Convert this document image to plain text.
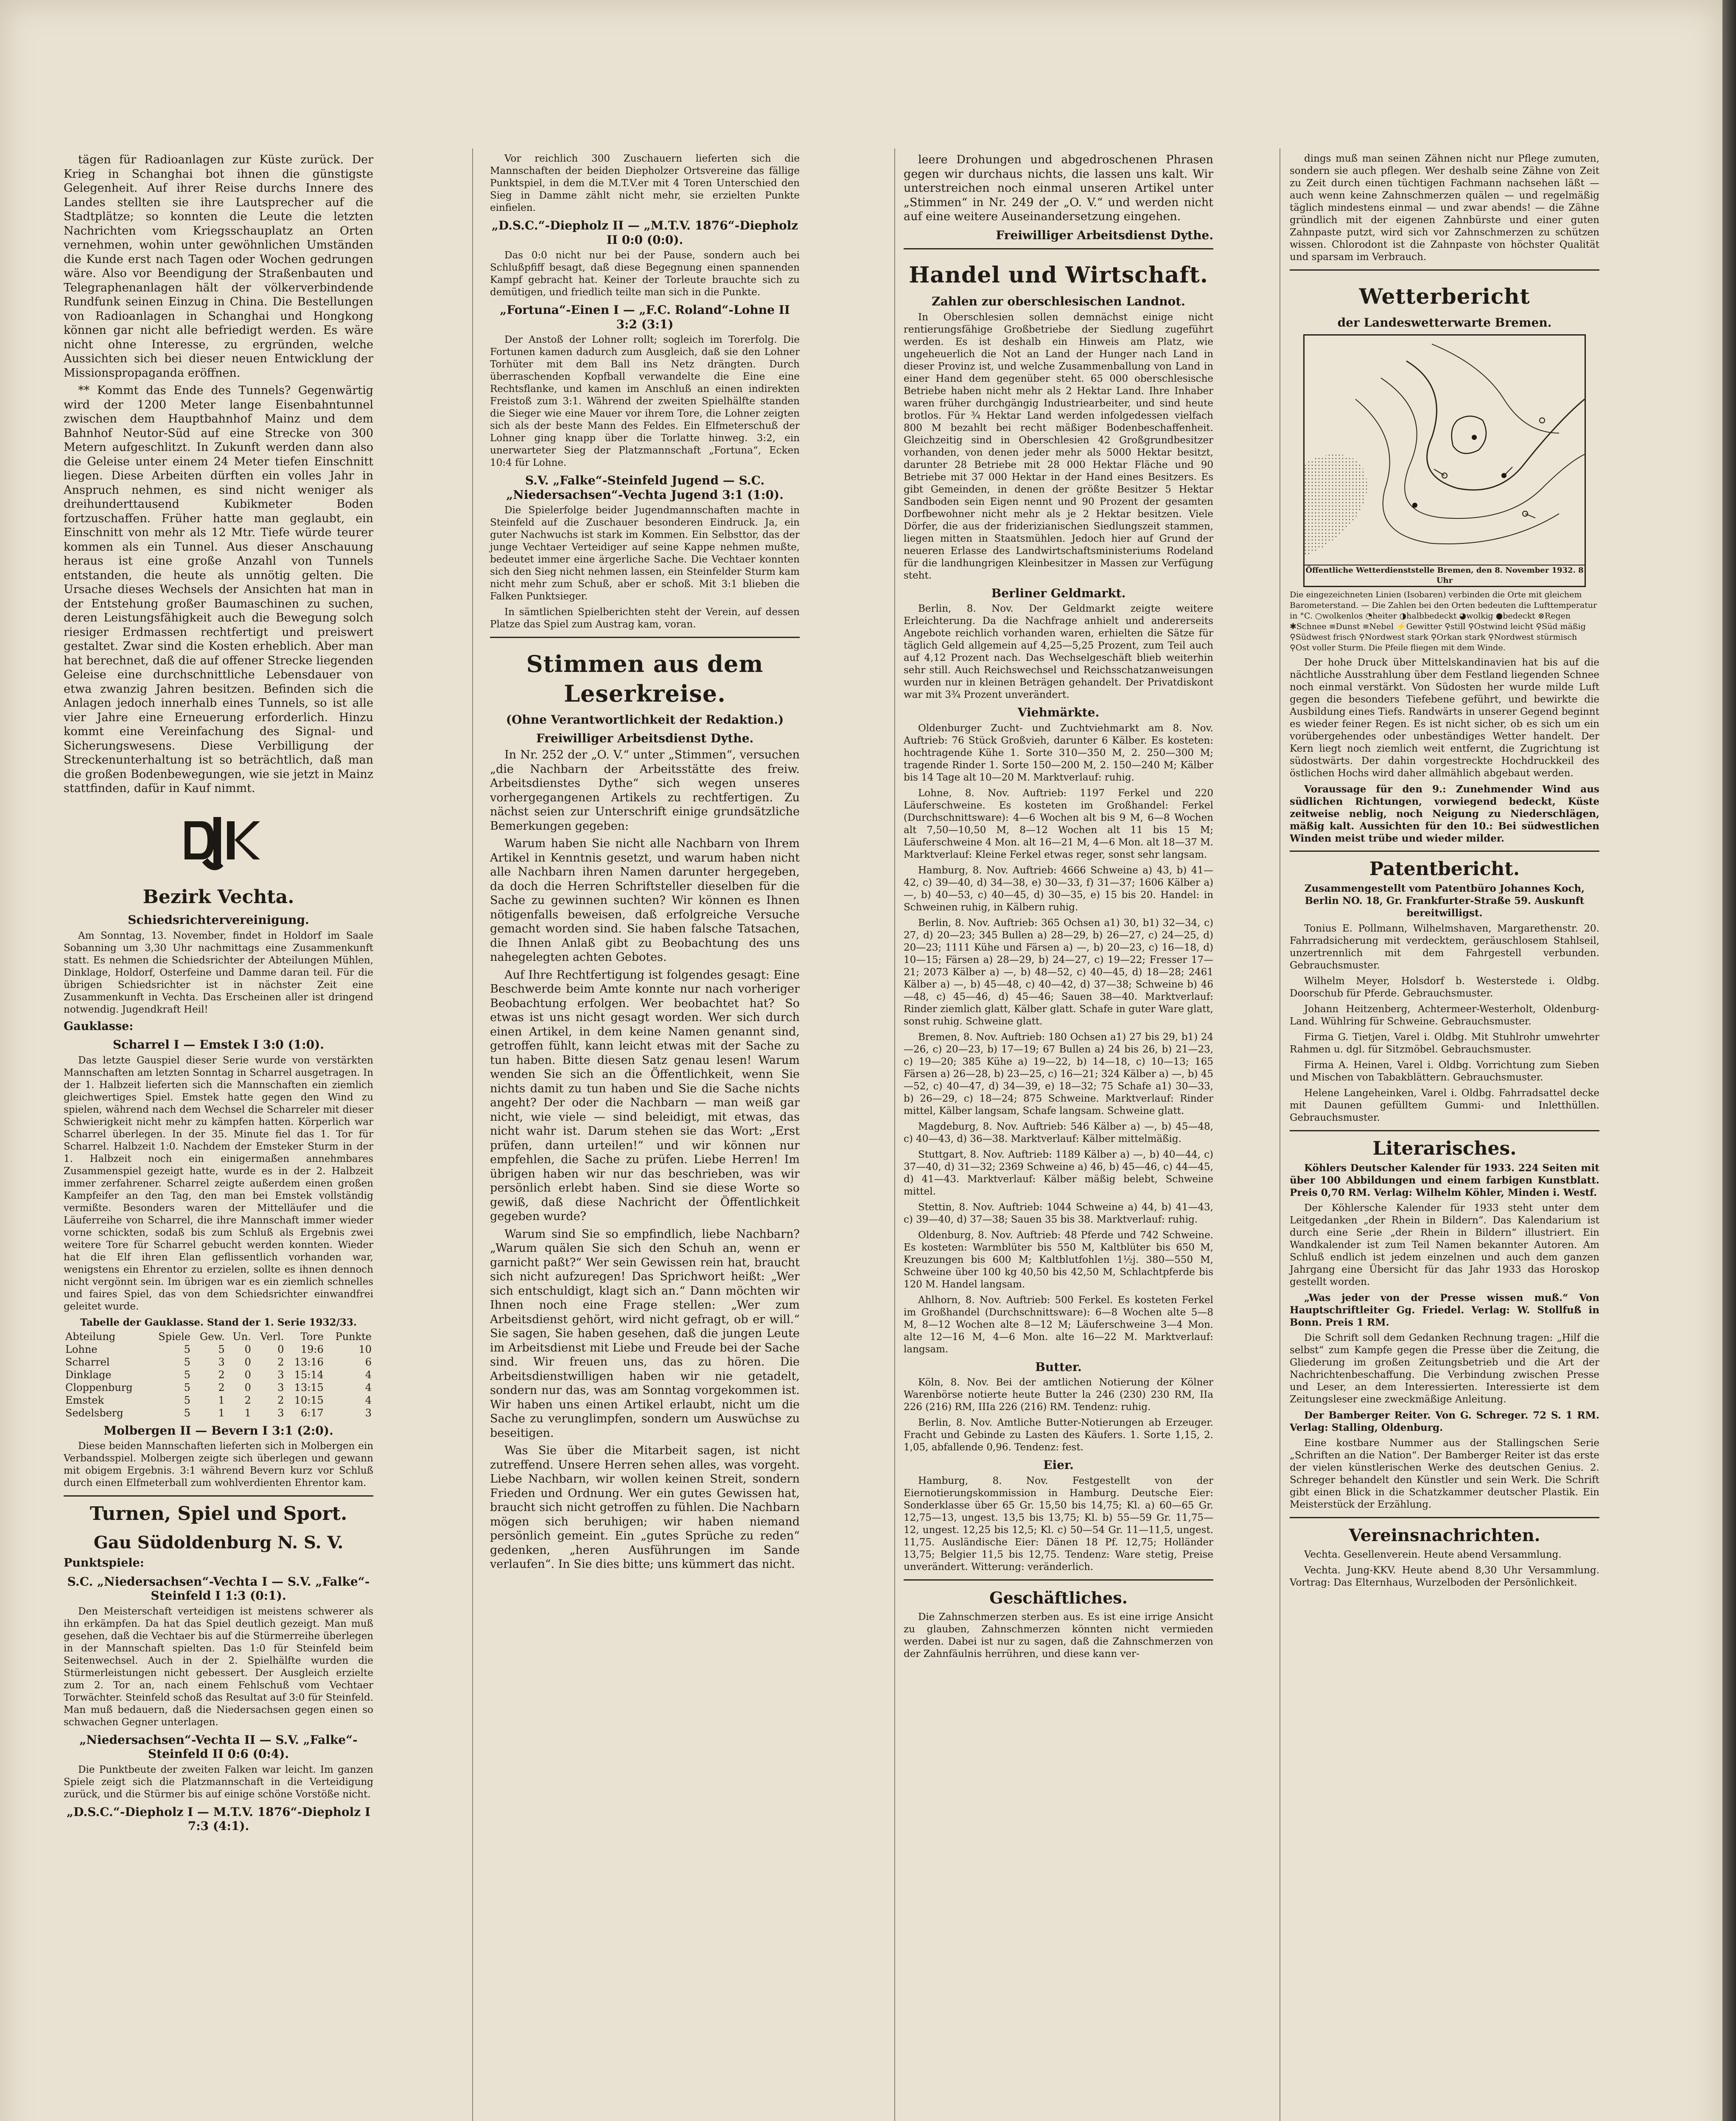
tägen für Radioanlagen zur Küste zurück. Der Krieg in Schanghai bot ihnen die günstigste Gelegenheit. Auf ihrer Reise durchs Innere des Landes stellten sie ihre Lautsprecher auf die Stadtplätze; so konnten die Leute die letzten Nachrichten vom Kriegsschauplatz an Orten vernehmen, wohin unter gewöhnlichen Umständen die Kunde erst nach Tagen oder Wochen gedrungen wäre. Also vor Beendigung der Straßenbauten und Telegraphenanlagen hält der völkerverbindende Rundfunk seinen Einzug in China. Die Bestellungen von Radioanlagen in Schanghai und Hongkong können gar nicht alle befriedigt werden. Es wäre nicht ohne Interesse, zu ergründen, welche Aussichten sich bei dieser neuen Entwicklung der Missionspropaganda eröffnen.

** Kommt das Ende des Tunnels? Gegenwärtig wird der 1200 Meter lange Eisenbahntunnel zwischen dem Hauptbahnhof Mainz und dem Bahnhof Neutor-Süd auf eine Strecke von 300 Metern aufgeschlitzt. In Zukunft werden dann also die Geleise unter einem 24 Meter tiefen Einschnitt liegen. Diese Arbeiten dürften ein volles Jahr in Anspruch nehmen, es sind nicht weniger als dreihunderttausend Kubikmeter Boden fortzuschaffen. Früher hatte man geglaubt, ein Einschnitt von mehr als 12 Mtr. Tiefe würde teurer kommen als ein Tunnel. Aus dieser Anschauung heraus ist eine große Anzahl von Tunnels entstanden, die heute als unnötig gelten. Die Ursache dieses Wechsels der Ansichten hat man in der Entstehung großer Baumaschinen zu suchen, deren Leistungsfähigkeit auch die Bewegung solch riesiger Erdmassen rechtfertigt und preiswert gestaltet. Zwar sind die Kosten erheblich. Aber man hat berechnet, daß die auf offener Strecke liegenden Geleise eine durchschnittliche Lebensdauer von etwa zwanzig Jahren besitzen. Befinden sich die Anlagen jedoch innerhalb eines Tunnels, so ist alle vier Jahre eine Erneuerung erforderlich. Hinzu kommt eine Vereinfachung des Signal- und Sicherungswesens. Diese Verbilligung der Streckenunterhaltung ist so beträchtlich, daß man die großen Bodenbewegungen, wie sie jetzt in Mainz stattfinden, dafür in Kauf nimmt.

Bezirk Vechta.
Schiedsrichtervereinigung.

Am Sonntag, 13. November, findet in Holdorf im Saale Sobanning um 3,30 Uhr nachmittags eine Zusammenkunft statt. Es nehmen die Schiedsrichter der Abteilungen Mühlen, Dinklage, Holdorf, Osterfeine und Damme daran teil. Für die übrigen Schiedsrichter ist in nächster Zeit eine Zusammenkunft in Vechta. Das Erscheinen aller ist dringend notwendig. Jugendkraft Heil!

Gauklasse:
Scharrel I — Emstek I 3:0 (1:0).

Das letzte Gauspiel dieser Serie wurde von verstärkten Mannschaften am letzten Sonntag in Scharrel ausgetragen. In der 1. Halbzeit lieferten sich die Mannschaften ein ziemlich gleichwertiges Spiel. Emstek hatte gegen den Wind zu spielen, während nach dem Wechsel die Scharreler mit dieser Schwierigkeit nicht mehr zu kämpfen hatten. Körperlich war Scharrel überlegen. In der 35. Minute fiel das 1. Tor für Scharrel. Halbzeit 1:0. Nachdem der Emsteker Sturm in der 1. Halbzeit noch ein einigermaßen annehmbares Zusammenspiel gezeigt hatte, wurde es in der 2. Halbzeit immer zerfahrener. Scharrel zeigte außerdem einen großen Kampfeifer an den Tag, den man bei Emstek vollständig vermißte. Besonders waren der Mittelläufer und die Läuferreihe von Scharrel, die ihre Mannschaft immer wieder vorne schickten, sodaß bis zum Schluß als Ergebnis zwei weitere Tore für Scharrel gebucht werden konnten. Wieder hat die Elf ihren Elan geflissentlich vorhanden war, wenigstens ein Ehrentor zu erzielen, sollte es ihnen dennoch nicht vergönnt sein. Im übrigen war es ein ziemlich schnelles und faires Spiel, das von dem Schiedsrichter einwandfrei geleitet wurde.

Tabelle der Gauklasse. Stand der 1. Serie 1932/33.
Abteilung	Spiele	Gew.	Un.	Verl.	Tore	Punkte
Lohne	5	5	0	0	19:6	10
Scharrel	5	3	0	2	13:16	6
Dinklage	5	2	0	3	15:14	4
Cloppenburg	5	2	0	3	13:15	4
Emstek	5	1	2	2	10:15	4
Sedelsberg	5	1	1	3	6:17	3
Molbergen II — Bevern I 3:1 (2:0).

Diese beiden Mannschaften lieferten sich in Molbergen ein Verbandsspiel. Molbergen zeigte sich überlegen und gewann mit obigem Ergebnis. 3:1 während Bevern kurz vor Schluß durch einen Elfmeterball zum wohlverdienten Ehrentor kam.

Turnen, Spiel und Sport.
Gau Südoldenburg N. S. V.
Punktspiele:
S.C. „Niedersachsen“-Vechta I — S.V. „Falke“-Steinfeld I 1:3 (0:1).

Den Meisterschaft verteidigen ist meistens schwerer als ihn erkämpfen. Da hat das Spiel deutlich gezeigt. Man muß gesehen, daß die Vechtaer bis auf die Stürmerreihe überlegen in der Mannschaft spielten. Das 1:0 für Steinfeld beim Seitenwechsel. Auch in der 2. Spielhälfte wurden die Stürmerleistungen nicht gebessert. Der Ausgleich erzielte zum 2. Tor an, nach einem Fehlschuß vom Vechtaer Torwächter. Steinfeld schoß das Resultat auf 3:0 für Steinfeld. Man muß bedauern, daß die Niedersachsen gegen einen so schwachen Gegner unterlagen.

„Niedersachsen“-Vechta II — S.V. „Falke“-Steinfeld II 0:6 (0:4).

Die Punktbeute der zweiten Falken war leicht. Im ganzen Spiele zeigt sich die Platzmannschaft in die Verteidigung zurück, und die Stürmer bis auf einige schöne Vorstöße nicht.

„D.S.C.“-Diepholz I — M.T.V. 1876“-Diepholz I 7:3 (4:1).

Vor reichlich 300 Zuschauern lieferten sich die Mannschaften der beiden Diepholzer Ortsvereine das fällige Punktspiel, in dem die M.T.V.er mit 4 Toren Unterschied den Sieg in Damme zählt nicht mehr, sie erzielten Punkte einfielen.

„D.S.C.“-Diepholz II — „M.T.V. 1876“-Diepholz II 0:0 (0:0).

Das 0:0 nicht nur bei der Pause, sondern auch bei Schlußpfiff besagt, daß diese Begegnung einen spannenden Kampf gebracht hat. Keiner der Torleute brauchte sich zu demütigen, und friedlich teilte man sich in die Punkte.

„Fortuna“-Einen I — „F.C. Roland“-Lohne II 3:2 (3:1)

Der Anstoß der Lohner rollt; sogleich im Torerfolg. Die Fortunen kamen dadurch zum Ausgleich, daß sie den Lohner Torhüter mit dem Ball ins Netz drängten. Durch überraschenden Kopfball verwandelte die Eine eine Rechtsflanke, und kamen im Anschluß an einen indirekten Freistoß zum 3:1. Während der zweiten Spielhälfte standen die Sieger wie eine Mauer vor ihrem Tore, die Lohner zeigten sich als der beste Mann des Feldes. Ein Elfmeterschuß der Lohner ging knapp über die Torlatte hinweg. 3:2, ein unerwarteter Sieg der Platzmannschaft „Fortuna“, Ecken 10:4 für Lohne.

S.V. „Falke“-Steinfeld Jugend — S.C. „Niedersachsen“-Vechta Jugend 3:1 (1:0).

Die Spielerfolge beider Jugendmannschaften machte in Steinfeld auf die Zuschauer besonderen Eindruck. Ja, ein guter Nachwuchs ist stark im Kommen. Ein Selbsttor, das der junge Vechtaer Verteidiger auf seine Kappe nehmen mußte, bedeutet immer eine ärgerliche Sache. Die Vechtaer konnten sich den Sieg nicht nehmen lassen, ein Steinfelder Sturm kam nicht mehr zum Schuß, aber er schoß. Mit 3:1 blieben die Falken Punktsieger.

In sämtlichen Spielberichten steht der Verein, auf dessen Platze das Spiel zum Austrag kam, voran.

Stimmen aus dem Leserkreise.
(Ohne Verantwortlichkeit der Redaktion.)
Freiwilliger Arbeitsdienst Dythe.

In Nr. 252 der „O. V.“ unter „Stimmen“, versuchen „die Nachbarn der Arbeitsstätte des freiw. Arbeitsdienstes Dythe“ sich wegen unseres vorhergegangenen Artikels zu rechtfertigen. Zu nächst seien zur Unterschrift einige grundsätzliche Bemerkungen gegeben:

Warum haben Sie nicht alle Nachbarn von Ihrem Artikel in Kenntnis gesetzt, und warum haben nicht alle Nachbarn ihren Namen darunter hergegeben, da doch die Herren Schriftsteller dieselben für die Sache zu gewinnen suchten? Wir können es Ihnen nötigenfalls beweisen, daß erfolgreiche Versuche gemacht worden sind. Sie haben falsche Tatsachen, die Ihnen Anlaß gibt zu Beobachtung des uns nahegelegten achten Gebotes.

Auf Ihre Rechtfertigung ist folgendes gesagt: Eine Beschwerde beim Amte konnte nur nach vorheriger Beobachtung erfolgen. Wer beobachtet hat? So etwas ist uns nicht gesagt worden. Wer sich durch einen Artikel, in dem keine Namen genannt sind, getroffen fühlt, kann leicht etwas mit der Sache zu tun haben. Bitte diesen Satz genau lesen! Warum wenden Sie sich an die Öffentlichkeit, wenn Sie nichts damit zu tun haben und Sie die Sache nichts angeht? Der oder die Nachbarn — man weiß gar nicht, wie viele — sind beleidigt, mit etwas, das nicht wahr ist. Darum stehen sie das Wort: „Erst prüfen, dann urteilen!“ und wir können nur empfehlen, die Sache zu prüfen. Liebe Herren! Im übrigen haben wir nur das beschrieben, was wir persönlich erlebt haben. Sind sie diese Worte so gewiß, daß diese Nachricht der Öffentlichkeit gegeben wurde?

Warum sind Sie so empfindlich, liebe Nachbarn? „Warum quälen Sie sich den Schuh an, wenn er garnicht paßt?“ Wer sein Gewissen rein hat, braucht sich nicht aufzuregen! Das Sprichwort heißt: „Wer sich entschuldigt, klagt sich an.“ Dann möchten wir Ihnen noch eine Frage stellen: „Wer zum Arbeitsdienst gehört, wird nicht gefragt, ob er will.“ Sie sagen, Sie haben gesehen, daß die jungen Leute im Arbeitsdienst mit Liebe und Freude bei der Sache sind. Wir freuen uns, das zu hören. Die Arbeitsdienstwilligen haben wir nie getadelt, sondern nur das, was am Sonntag vorgekommen ist. Wir haben uns einen Artikel erlaubt, nicht um die Sache zu verunglimpfen, sondern um Auswüchse zu beseitigen.

Was Sie über die Mitarbeit sagen, ist nicht zutreffend. Unsere Herren sehen alles, was vorgeht. Liebe Nachbarn, wir wollen keinen Streit, sondern Frieden und Ordnung. Wer ein gutes Gewissen hat, braucht sich nicht getroffen zu fühlen. Die Nachbarn mögen sich beruhigen; wir haben niemand persönlich gemeint. Ein „gutes Sprüche zu reden“ gedenken, „heren Ausführungen im Sande verlaufen“. In Sie dies bitte; uns kümmert das nicht.

leere Drohungen und abgedroschenen Phrasen gegen wir durchaus nichts, die lassen uns kalt. Wir unterstreichen noch einmal unseren Artikel unter „Stimmen“ in Nr. 249 der „O. V.“ und werden nicht auf eine weitere Auseinandersetzung eingehen.

Freiwilliger Arbeitsdienst Dythe.
Handel und Wirtschaft.
Zahlen zur oberschlesischen Landnot.

In Oberschlesien sollen demnächst einige nicht rentierungsfähige Großbetriebe der Siedlung zugeführt werden. Es ist deshalb ein Hinweis am Platz, wie ungeheuerlich die Not an Land der Hunger nach Land in dieser Provinz ist, und welche Zusammenballung von Land in einer Hand dem gegenüber steht. 65 000 oberschlesische Betriebe haben nicht mehr als 2 Hektar Land. Ihre Inhaber waren früher durchgängig Industriearbeiter, und sind heute brotlos. Für ¾ Hektar Land werden infolgedessen vielfach 800 M bezahlt bei recht mäßiger Bodenbeschaffenheit. Gleichzeitig sind in Oberschlesien 42 Großgrundbesitzer vorhanden, von denen jeder mehr als 5000 Hektar besitzt, darunter 28 Betriebe mit 28 000 Hektar Fläche und 90 Betriebe mit 37 000 Hektar in der Hand eines Besitzers. Es gibt Gemeinden, in denen der größte Besitzer 5 Hektar Sandboden sein Eigen nennt und 90 Prozent der gesamten Dorfbewohner nicht mehr als je 2 Hektar besitzen. Viele Dörfer, die aus der friderizianischen Siedlungszeit stammen, liegen mitten in Staatsmühlen. Jedoch hier auf Grund der neueren Erlasse des Landwirtschaftsministeriums Rodeland für die landhungrigen Kleinbesitzer in Massen zur Verfügung steht.

Berliner Geldmarkt.

Berlin, 8. Nov. Der Geldmarkt zeigte weitere Erleichterung. Da die Nachfrage anhielt und andererseits Angebote reichlich vorhanden waren, erhielten die Sätze für täglich Geld allgemein auf 4,25—5,25 Prozent, zum Teil auch auf 4,12 Prozent nach. Das Wechselgeschäft blieb weiterhin sehr still. Auch Reichswechsel und Reichsschatzanweisungen wurden nur in kleinen Beträgen gehandelt. Der Privatdiskont war mit 3¾ Prozent unverändert.

Viehmärkte.

Oldenburger Zucht- und Zuchtviehmarkt am 8. Nov. Auftrieb: 76 Stück Großvieh, darunter 6 Kälber. Es kosteten: hochtragende Kühe 1. Sorte 310—350 M, 2. 250—300 M; tragende Rinder 1. Sorte 150—200 M, 2. 150—240 M; Kälber bis 14 Tage alt 10—20 M. Marktverlauf: ruhig.

Lohne, 8. Nov. Auftrieb: 1197 Ferkel und 220 Läuferschweine. Es kosteten im Großhandel: Ferkel (Durchschnittsware): 4—6 Wochen alt bis 9 M, 6—8 Wochen alt 7,50—10,50 M, 8—12 Wochen alt 11 bis 15 M; Läuferschweine 4 Mon. alt 16—21 M, 4—6 Mon. alt 18—37 M. Marktverlauf: Kleine Ferkel etwas reger, sonst sehr langsam.

Hamburg, 8. Nov. Auftrieb: 4666 Schweine a) 43, b) 41—42, c) 39—40, d) 34—38, e) 30—33, f) 31—37; 1606 Kälber a) —, b) 40—53, c) 40—45, d) 30—35, e) 15 bis 20. Handel: in Schweinen ruhig, in Kälbern ruhig.

Berlin, 8. Nov. Auftrieb: 365 Ochsen a1) 30, b1) 32—34, c) 27, d) 20—23; 345 Bullen a) 28—29, b) 26—27, c) 24—25, d) 20—23; 1111 Kühe und Färsen a) —, b) 20—23, c) 16—18, d) 10—15; Färsen a) 28—29, b) 24—27, c) 19—22; Fresser 17—21; 2073 Kälber a) —, b) 48—52, c) 40—45, d) 18—28; 2461 Kälber a) —, b) 45—48, c) 40—42, d) 37—38; Schweine b) 46—48, c) 45—46, d) 45—46; Sauen 38—40. Marktverlauf: Rinder ziemlich glatt, Kälber glatt. Schafe in guter Ware glatt, sonst ruhig. Schweine glatt.

Bremen, 8. Nov. Auftrieb: 180 Ochsen a1) 27 bis 29, b1) 24—26, c) 20—23, b) 17—19; 67 Bullen a) 24 bis 26, b) 21—23, c) 19—20; 385 Kühe a) 19—22, b) 14—18, c) 10—13; 165 Färsen a) 26—28, b) 23—25, c) 16—21; 324 Kälber a) —, b) 45—52, c) 40—47, d) 34—39, e) 18—32; 75 Schafe a1) 30—33, b) 26—29, c) 18—24; 875 Schweine. Marktverlauf: Rinder mittel, Kälber langsam, Schafe langsam. Schweine glatt.

Magdeburg, 8. Nov. Auftrieb: 546 Kälber a) —, b) 45—48, c) 40—43, d) 36—38. Marktverlauf: Kälber mittelmäßig.

Stuttgart, 8. Nov. Auftrieb: 1189 Kälber a) —, b) 40—44, c) 37—40, d) 31—32; 2369 Schweine a) 46, b) 45—46, c) 44—45, d) 41—43. Marktverlauf: Kälber mäßig belebt, Schweine mittel.

Stettin, 8. Nov. Auftrieb: 1044 Schweine a) 44, b) 41—43, c) 39—40, d) 37—38; Sauen 35 bis 38. Marktverlauf: ruhig.

Oldenburg, 8. Nov. Auftrieb: 48 Pferde und 742 Schweine. Es kosteten: Warmblüter bis 550 M, Kaltblüter bis 650 M, Kreuzungen bis 600 M; Kaltblutfohlen 1½j. 380—550 M, Schweine über 100 kg 40,50 bis 42,50 M, Schlachtpferde bis 120 M. Handel langsam.

Ahlhorn, 8. Nov. Auftrieb: 500 Ferkel. Es kosteten Ferkel im Großhandel (Durchschnittsware): 6—8 Wochen alte 5—8 M, 8—12 Wochen alte 8—12 M; Läuferschweine 3—4 Mon. alte 12—16 M, 4—6 Mon. alte 16—22 M. Marktverlauf: langsam.

Butter.

Köln, 8. Nov. Bei der amtlichen Notierung der Kölner Warenbörse notierte heute Butter la 246 (230) 230 RM, IIa 226 (216) RM, IIIa 226 (216) RM. Tendenz: ruhig.

Berlin, 8. Nov. Amtliche Butter-Notierungen ab Erzeuger. Fracht und Gebinde zu Lasten des Käufers. 1. Sorte 1,15, 2. 1,05, abfallende 0,96. Tendenz: fest.

Eier.

Hamburg, 8. Nov. Festgestellt von der Eiernotierungskommission in Hamburg. Deutsche Eier: Sonderklasse über 65 Gr. 15,50 bis 14,75; Kl. a) 60—65 Gr. 12,75—13, ungest. 13,5 bis 13,75; Kl. b) 55—59 Gr. 11,75—12, ungest. 12,25 bis 12,5; Kl. c) 50—54 Gr. 11—11,5, ungest. 11,75. Ausländische Eier: Dänen 18 Pf. 12,75; Holländer 13,75; Belgier 11,5 bis 12,75. Tendenz: Ware stetig, Preise unverändert. Witterung: veränderlich.

Geschäftliches.

Die Zahnschmerzen sterben aus. Es ist eine irrige Ansicht zu glauben, Zahnschmerzen könnten nicht vermieden werden. Dabei ist nur zu sagen, daß die Zahnschmerzen von der Zahnfäulnis herrühren, und diese kann ver-

dings muß man seinen Zähnen nicht nur Pflege zumuten, sondern sie auch pflegen. Wer deshalb seine Zähne von Zeit zu Zeit durch einen tüchtigen Fachmann nachsehen läßt — auch wenn keine Zahnschmerzen quälen — und regelmäßig täglich mindestens einmal — und zwar abends! — die Zähne gründlich mit der eigenen Zahnbürste und einer guten Zahnpaste putzt, wird sich vor Zahnschmerzen zu schützen wissen. Chlorodont ist die Zahnpaste von höchster Qualität und sparsam im Verbrauch.

Wetterbericht
der Landeswetterwarte Bremen.
Öffentliche Wetterdienststelle Bremen, den 8. November 1932. 8 Uhr

Die eingezeichneten Linien (Isobaren) verbinden die Orte mit gleichem Barometerstand. — Die Zahlen bei den Orten bedeuten die Lufttemperatur in °C. ○wolkenlos ◔heiter ◑halbbedeckt ◕wolkig ●bedeckt ⊗Regen ✱Schnee ≡Dunst ≡Nebel ⚡Gewitter ⚲still ⚲Ostwind leicht ⚲Süd mäßig ⚲Südwest frisch ⚲Nordwest stark ⚲Orkan stark ⚲Nordwest stürmisch ⚲Ost voller Sturm. Die Pfeile fliegen mit dem Winde.

Der hohe Druck über Mittelskandinavien hat bis auf die nächtliche Ausstrahlung über dem Festland liegenden Schnee noch einmal verstärkt. Von Südosten her wurde milde Luft gegen die besonders Tiefebene geführt, und bewirkte die Ausbildung eines Tiefs. Randwärts in unserer Gegend beginnt es wieder feiner Regen. Es ist nicht sicher, ob es sich um ein vorübergehendes oder unbeständiges Wetter handelt. Der Kern liegt noch ziemlich weit entfernt, die Zugrichtung ist südostwärts. Der dahin vorgestreckte Hochdruckkeil des östlichen Hochs wird daher allmählich abgebaut werden.

Voraussage für den 9.: Zunehmender Wind aus südlichen Richtungen, vorwiegend bedeckt, Küste zeitweise neblig, noch Neigung zu Niederschlägen, mäßig kalt. Aussichten für den 10.: Bei südwestlichen Winden meist trübe und wieder milder.

Patentbericht.

Zusammengestellt vom Patentbüro Johannes Koch, Berlin NO. 18, Gr. Frankfurter-Straße 59. Auskunft bereitwilligst.

Tonius E. Pollmann, Wilhelmshaven, Margarethenstr. 20. Fahrradsicherung mit verdecktem, geräuschlosem Stahlseil, unzertrennlich mit dem Fahrgestell verbunden. Gebrauchsmuster.

Wilhelm Meyer, Holsdorf b. Westerstede i. Oldbg. Doorschub für Pferde. Gebrauchsmuster.

Johann Heitzenberg, Achtermeer-Westerholt, Oldenburg-Land. Wühlring für Schweine. Gebrauchsmuster.

Firma G. Tietjen, Varel i. Oldbg. Mit Stuhlrohr umwehrter Rahmen u. dgl. für Sitzmöbel. Gebrauchsmuster.

Firma A. Heinen, Varel i. Oldbg. Vorrichtung zum Sieben und Mischen von Tabakblättern. Gebrauchsmuster.

Helene Langeheinken, Varel i. Oldbg. Fahrradsattel decke mit Daunen gefülltem Gummi- und Inletthüllen. Gebrauchsmuster.

Literarisches.

Köhlers Deutscher Kalender für 1933. 224 Seiten mit über 100 Abbildungen und einem farbigen Kunstblatt. Preis 0,70 RM. Verlag: Wilhelm Köhler, Minden i. Westf.

Der Köhlersche Kalender für 1933 steht unter dem Leitgedanken „der Rhein in Bildern“. Das Kalendarium ist durch eine Serie „der Rhein in Bildern“ illustriert. Ein Wandkalender ist zum Teil Namen bekannter Autoren. Am Schluß endlich ist jedem einzelnen und auch dem ganzen Jahrgang eine Übersicht für das Jahr 1933 das Horoskop gestellt worden.

„Was jeder von der Presse wissen muß.“ Von Hauptschriftleiter Gg. Friedel. Verlag: W. Stollfuß in Bonn. Preis 1 RM.

Die Schrift soll dem Gedanken Rechnung tragen: „Hilf die selbst“ zum Kampfe gegen die Presse über die Zeitung, die Gliederung im großen Zeitungsbetrieb und die Art der Nachrichtenbeschaffung. Die Verbindung zwischen Presse und Leser, an dem Interessierten. Interessierte ist dem Zeitungsleser eine zweckmäßige Anleitung.

Der Bamberger Reiter. Von G. Schreger. 72 S. 1 RM. Verlag: Stalling, Oldenburg.

Eine kostbare Nummer aus der Stallingschen Serie „Schriften an die Nation“. Der Bamberger Reiter ist das erste der vielen künstlerischen Werke des deutschen Genius. 2. Schreger behandelt den Künstler und sein Werk. Die Schrift gibt einen Blick in die Schatzkammer deutscher Plastik. Ein Meisterstück der Erzählung.

Vereinsnachrichten.

Vechta. Gesellenverein. Heute abend Versammlung.

Vechta. Jung-KKV. Heute abend 8,30 Uhr Versammlung. Vortrag: Das Elternhaus, Wurzelboden der Persönlichkeit.
